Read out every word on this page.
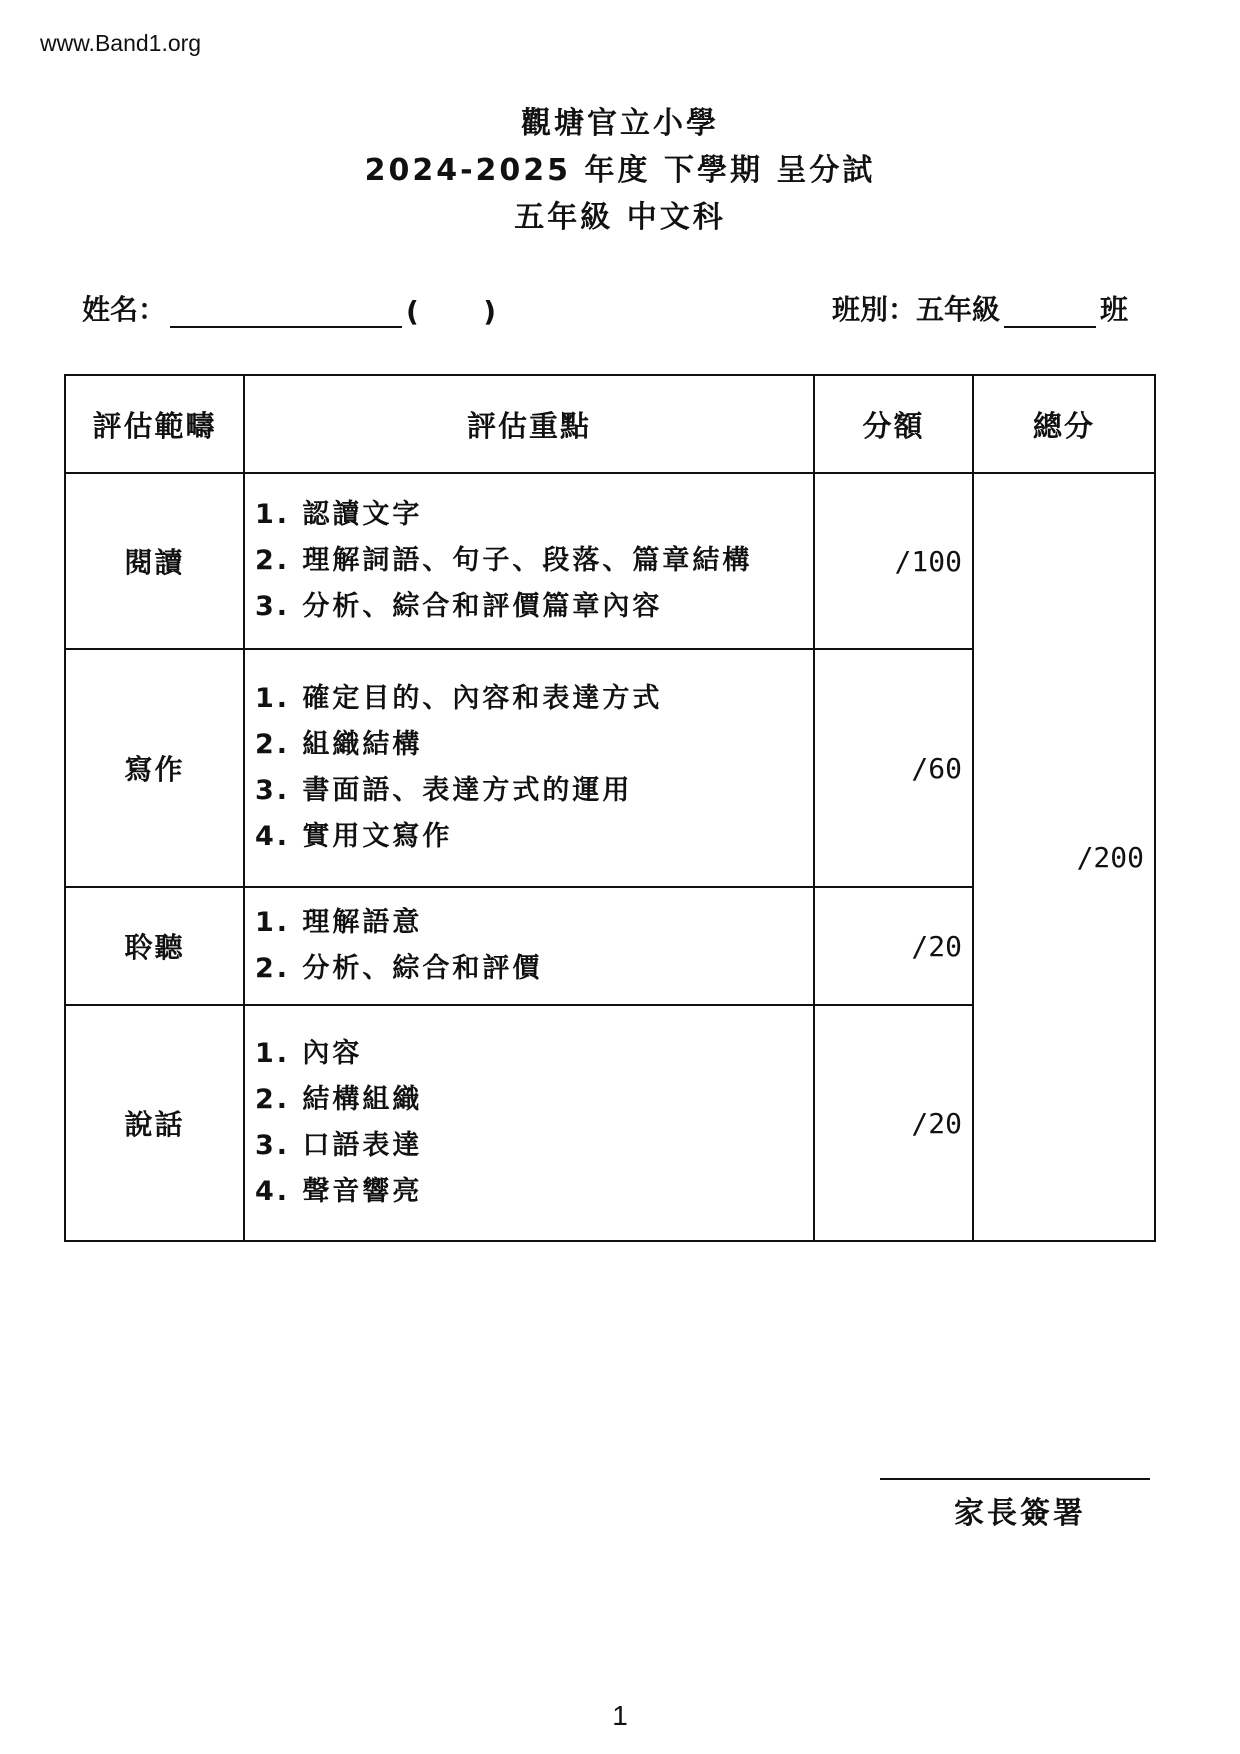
www.Band1.org
觀塘官立小學
2024-2025 年度 下學期 呈分試
五年級 中文科
姓名：	( )	班別：五年級	班
評估範疇	評估重點	分額	總分
閱讀	1. 認讀文字
2. 理解詞語、句子、段落、篇章結構
3. 分析、綜合和評價篇章內容	/100	/200
寫作	1. 確定目的、內容和表達方式
2. 組織結構
3. 書面語、表達方式的運用
4. 實用文寫作	/60	
聆聽	1. 理解語意
2. 分析、綜合和評價	/20	
說話	1. 內容
2. 結構組織
3. 口語表達
4. 聲音響亮	/20	
家長簽署
1
